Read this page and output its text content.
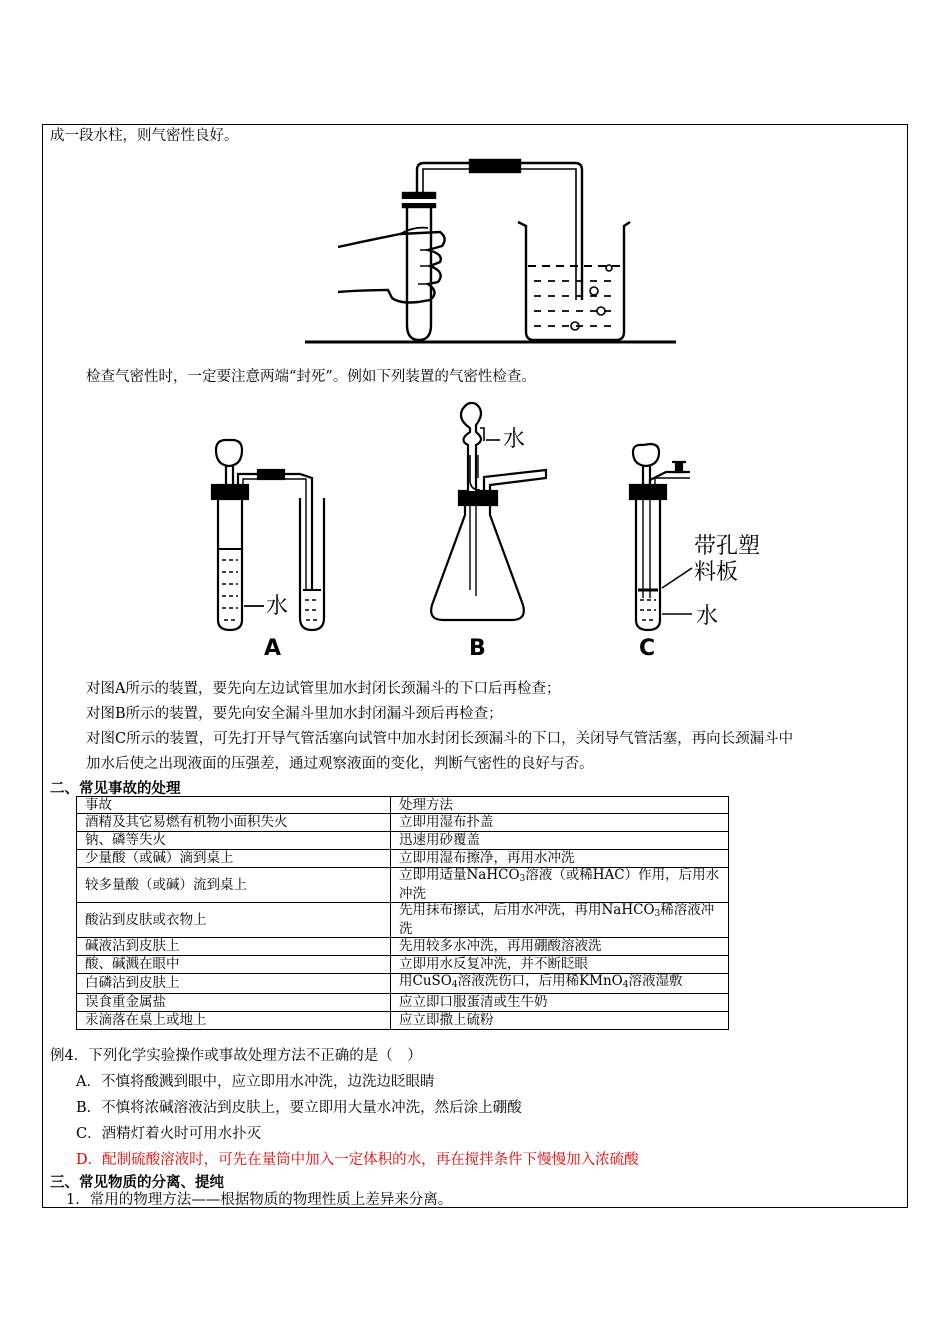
成一段水柱，则气密性良好。
检查气密性时，一定要注意两端“封死”。例如下列装置的气密性检查。
水
A
水
B
带孔塑
料板
水
C
对图A所示的装置，要先向左边试管里加水封闭长颈漏斗的下口后再检查；
对图B所示的装置，要先向安全漏斗里加水封闭漏斗颈后再检查；
对图C所示的装置，可先打开导气管活塞向试管中加水封闭长颈漏斗的下口，关闭导气管活塞，再向长颈漏斗中
加水后使之出现液面的压强差，通过观察液面的变化，判断气密性的良好与否。
二、常见事故的处理
事故	处理方法
酒精及其它易燃有机物小面积失火	立即用湿布扑盖
钠、磷等失火	迅速用砂覆盖
少量酸（或碱）滴到桌上	立即用湿布擦净，再用水冲洗
较多量酸（或碱）流到桌上	立即用适量NaHCO$_3$溶液（或稀HAC）作用，后用水冲洗
酸沾到皮肤或衣物上	先用抹布擦试，后用水冲洗，再用NaHCO$_3$稀溶液冲洗
碱液沾到皮肤上	先用较多水冲洗，再用硼酸溶液洗
酸、碱溅在眼中	立即用水反复冲洗，并不断眨眼
白磷沾到皮肤上	用CuSO$_4$溶液洗伤口，后用稀KMnO$_4$溶液湿敷
误食重金属盐	应立即口服蛋清或生牛奶
汞滴落在桌上或地上	应立即撒上硫粉
例4．下列化学实验操作或事故处理方法不正确的是（　）
A．不慎将酸溅到眼中，应立即用水冲洗，边洗边眨眼睛
B．不慎将浓碱溶液沾到皮肤上，要立即用大量水冲洗，然后涂上硼酸
C．酒精灯着火时可用水扑灭
D．配制硫酸溶液时，可先在量筒中加入一定体积的水，再在搅拌条件下慢慢加入浓硫酸
三、常见物质的分离、提纯
1．常用的物理方法——根据物质的物理性质上差异来分离。
